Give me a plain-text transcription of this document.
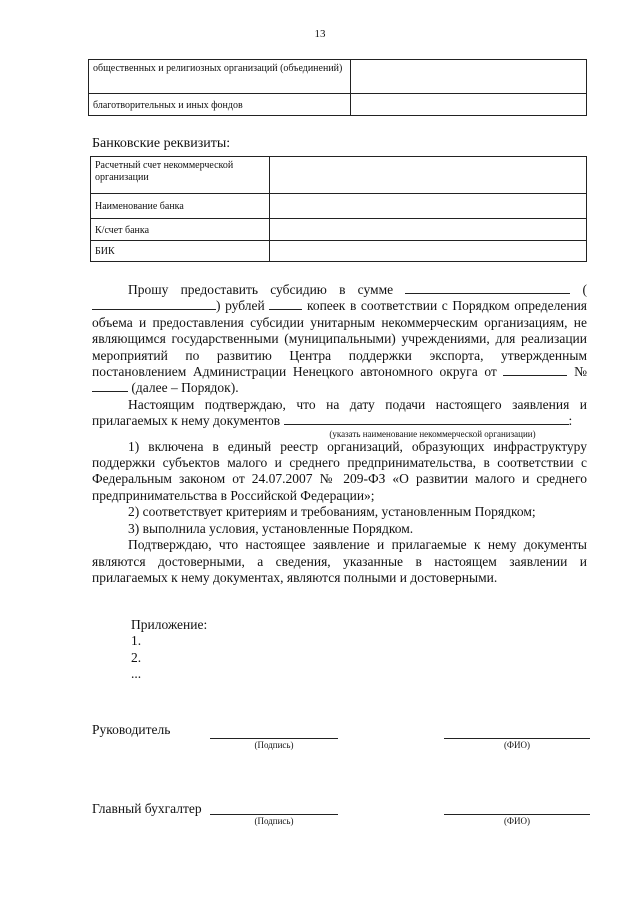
13
общественных и религиозных организаций (объединений)	
благотворительных и иных фондов	
Банковские реквизиты:
Расчетный счет некоммерческой организации	
Наименование банка	
К/счет банка	
БИК	
Прошу предоставить субсидию в сумме	() рублей	копеек в соответствии с Порядком определения объема и предоставления субсидии унитарным некоммерческим организациям, не являющимся государственными (муниципальными) учреждениями, для реализации мероприятий по развитию Центра поддержки экспорта, утвержденным постановлением Администрации Ненецкого автономного округа от	№  (далее – Порядок).
Настоящим подтверждаю, что на дату подачи настоящего заявления и прилагаемых к нему документов	:
(указать наименование некоммерческой организации)
1) включена в единый реестр организаций, образующих инфраструктуру поддержки субъектов малого и среднего предпринимательства, в соответствии с Федеральным законом от 24.07.2007 № 209-ФЗ «О развитии малого и среднего предпринимательства в Российской Федерации»;
2) соответствует критериям и требованиям, установленным Порядком;
3) выполнила условия, установленные Порядком.
Подтверждаю, что настоящее заявление и прилагаемые к нему документы являются достоверными, а сведения, указанные в настоящем заявлении и прилагаемых к нему документах, являются полными и достоверными.
Приложение:
1.
2.
...
Руководитель
(Подпись)	(ФИО)
Главный бухгалтер
(Подпись)	(ФИО)
